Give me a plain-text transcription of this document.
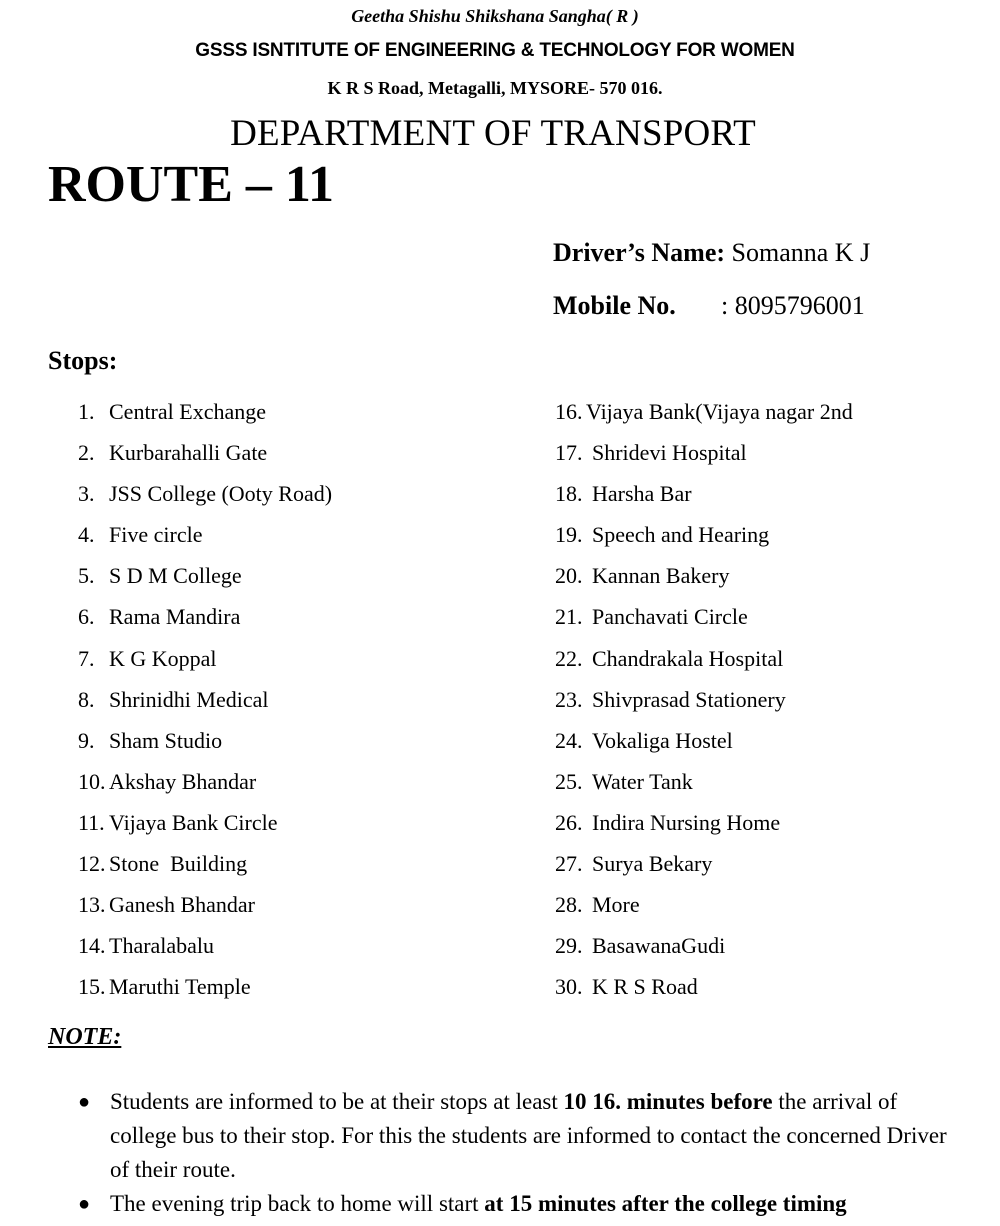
Geetha Shishu Shikshana Sangha( R )
GSSS ISNTITUTE OF ENGINEERING & TECHNOLOGY FOR WOMEN
K R S Road, Metagalli, MYSORE- 570 016.
DEPARTMENT OF TRANSPORT
ROUTE – 11
Driver’s Name: Somanna K J
Mobile No. : 8095796001
Stops:
1. Central Exchange
2. Kurbarahalli Gate
3. JSS College (Ooty Road)
4. Five circle
5. S D M College
6. Rama Mandira
7. K G Koppal
8. Shrinidhi Medical
9. Sham Studio
10. Akshay Bhandar
11. Vijaya Bank Circle
12. Stone  Building
13. Ganesh Bhandar
14. Tharalabalu
15. Maruthi Temple
16. Vijaya Bank(Vijaya nagar 2nd
17. Shridevi Hospital
18. Harsha Bar
19. Speech and Hearing
20. Kannan Bakery
21. Panchavati Circle
22. Chandrakala Hospital
23. Shivprasad Stationery
24. Vokaliga Hostel
25. Water Tank
26. Indira Nursing Home
27. Surya Bekary
28. More
29. BasawanaGudi
30. K R S Road
NOTE:
● Students are informed to be at their stops at least 10 16. minutes before the arrival of college bus to their stop. For this the students are informed to contact the concerned Driver of their route.
● The evening trip back to home will start at 15 minutes after the college timing
